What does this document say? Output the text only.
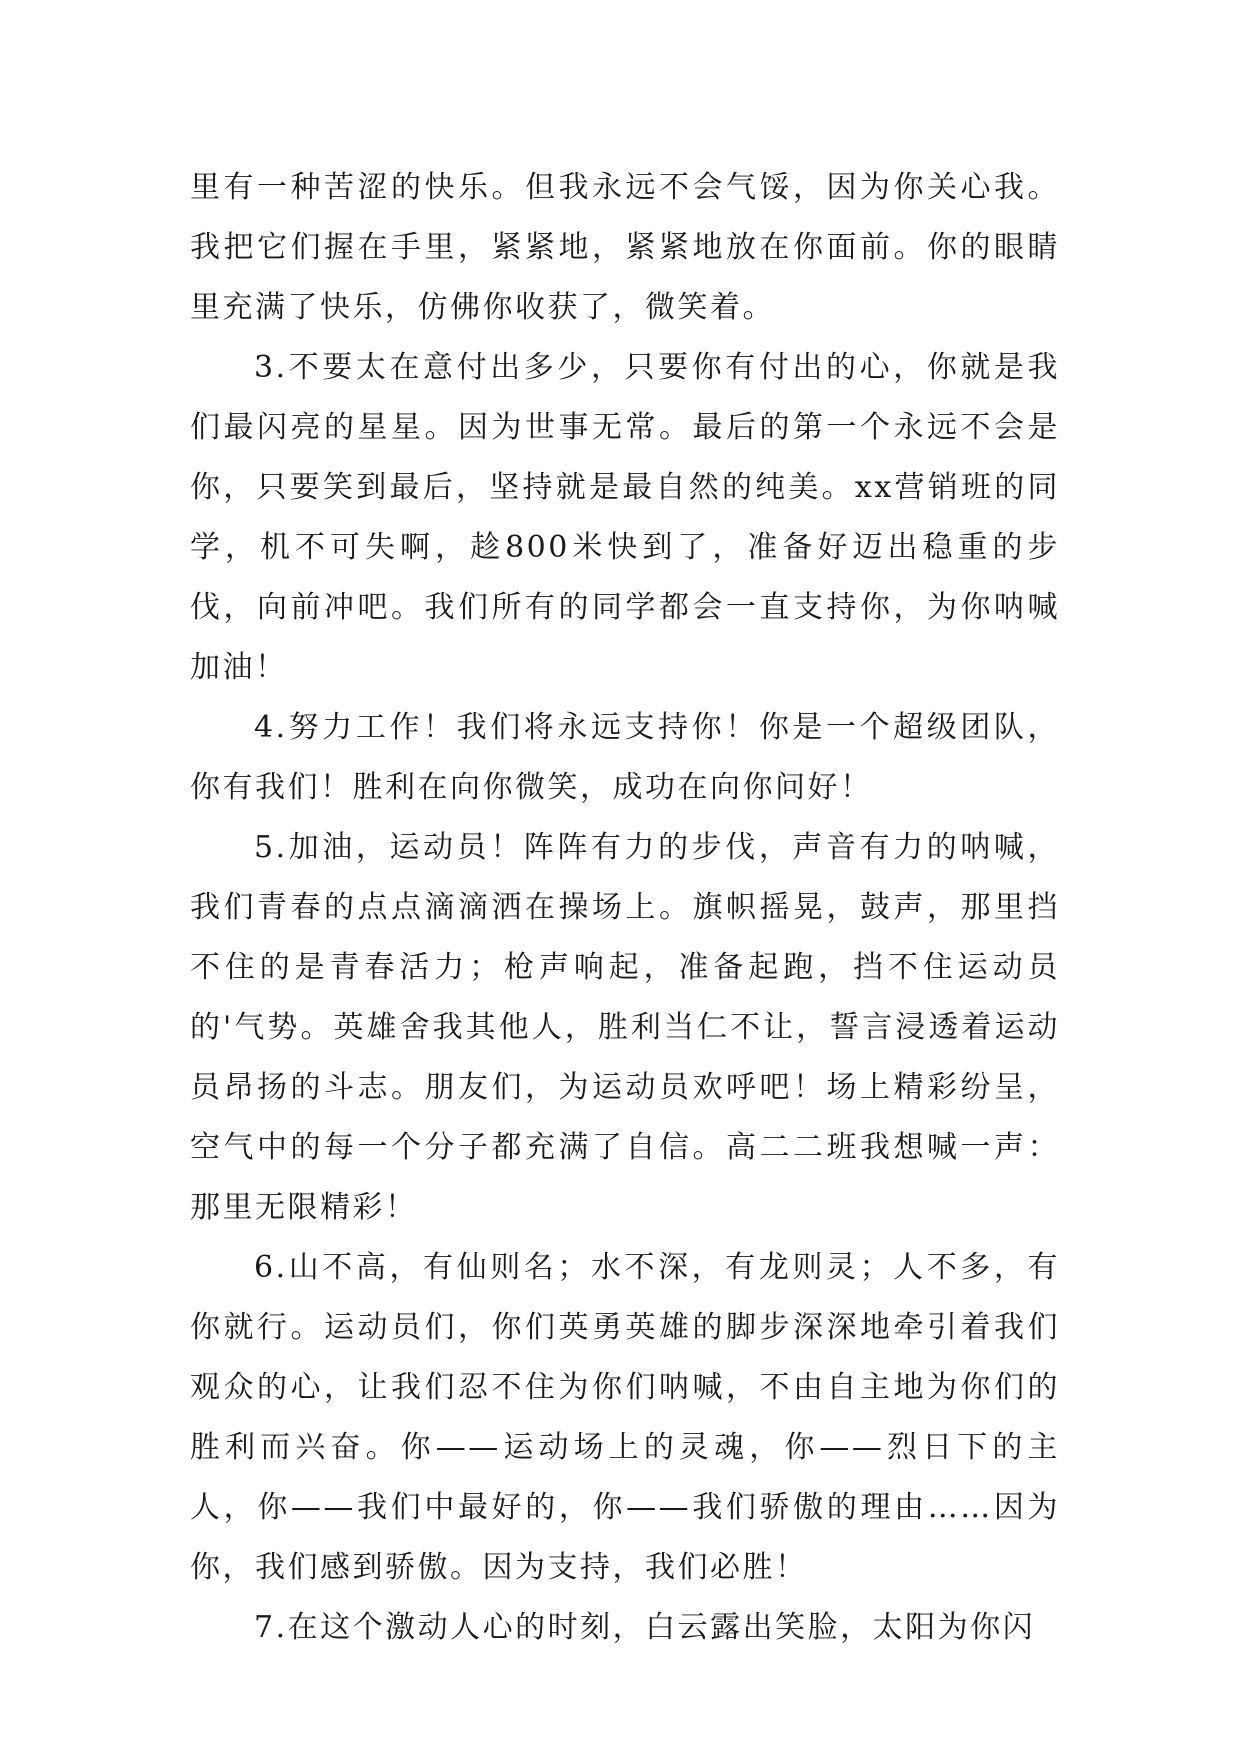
里有一种苦涩的快乐。但我永远不会气馁，因为你关心我。我把它们握在手里，紧紧地，紧紧地放在你面前。你的眼睛里充满了快乐，仿佛你收获了，微笑着。

3.不要太在意付出多少，只要你有付出的心，你就是我们最闪亮的星星。因为世事无常。最后的第一个永远不会是你，只要笑到最后，坚持就是最自然的纯美。xx营销班的同学，机不可失啊，趁800米快到了，准备好迈出稳重的步伐，向前冲吧。我们所有的同学都会一直支持你，为你呐喊加油！

4.努力工作！我们将永远支持你！你是一个超级团队，你有我们！胜利在向你微笑，成功在向你问好！

5.加油，运动员！阵阵有力的步伐，声音有力的呐喊，我们青春的点点滴滴洒在操场上。旗帜摇晃，鼓声，那里挡不住的是青春活力；枪声响起，准备起跑，挡不住运动员的'气势。英雄舍我其他人，胜利当仁不让，誓言浸透着运动员昂扬的斗志。朋友们，为运动员欢呼吧！场上精彩纷呈，空气中的每一个分子都充满了自信。高二二班我想喊一声：那里无限精彩！

6.山不高，有仙则名；水不深，有龙则灵；人不多，有你就行。运动员们，你们英勇英雄的脚步深深地牵引着我们观众的心，让我们忍不住为你们呐喊，不由自主地为你们的胜利而兴奋。你——运动场上的灵魂，你——烈日下的主人，你——我们中最好的，你——我们骄傲的理由……因为你，我们感到骄傲。因为支持，我们必胜！

7.在这个激动人心的时刻，白云露出笑脸，太阳为你闪
